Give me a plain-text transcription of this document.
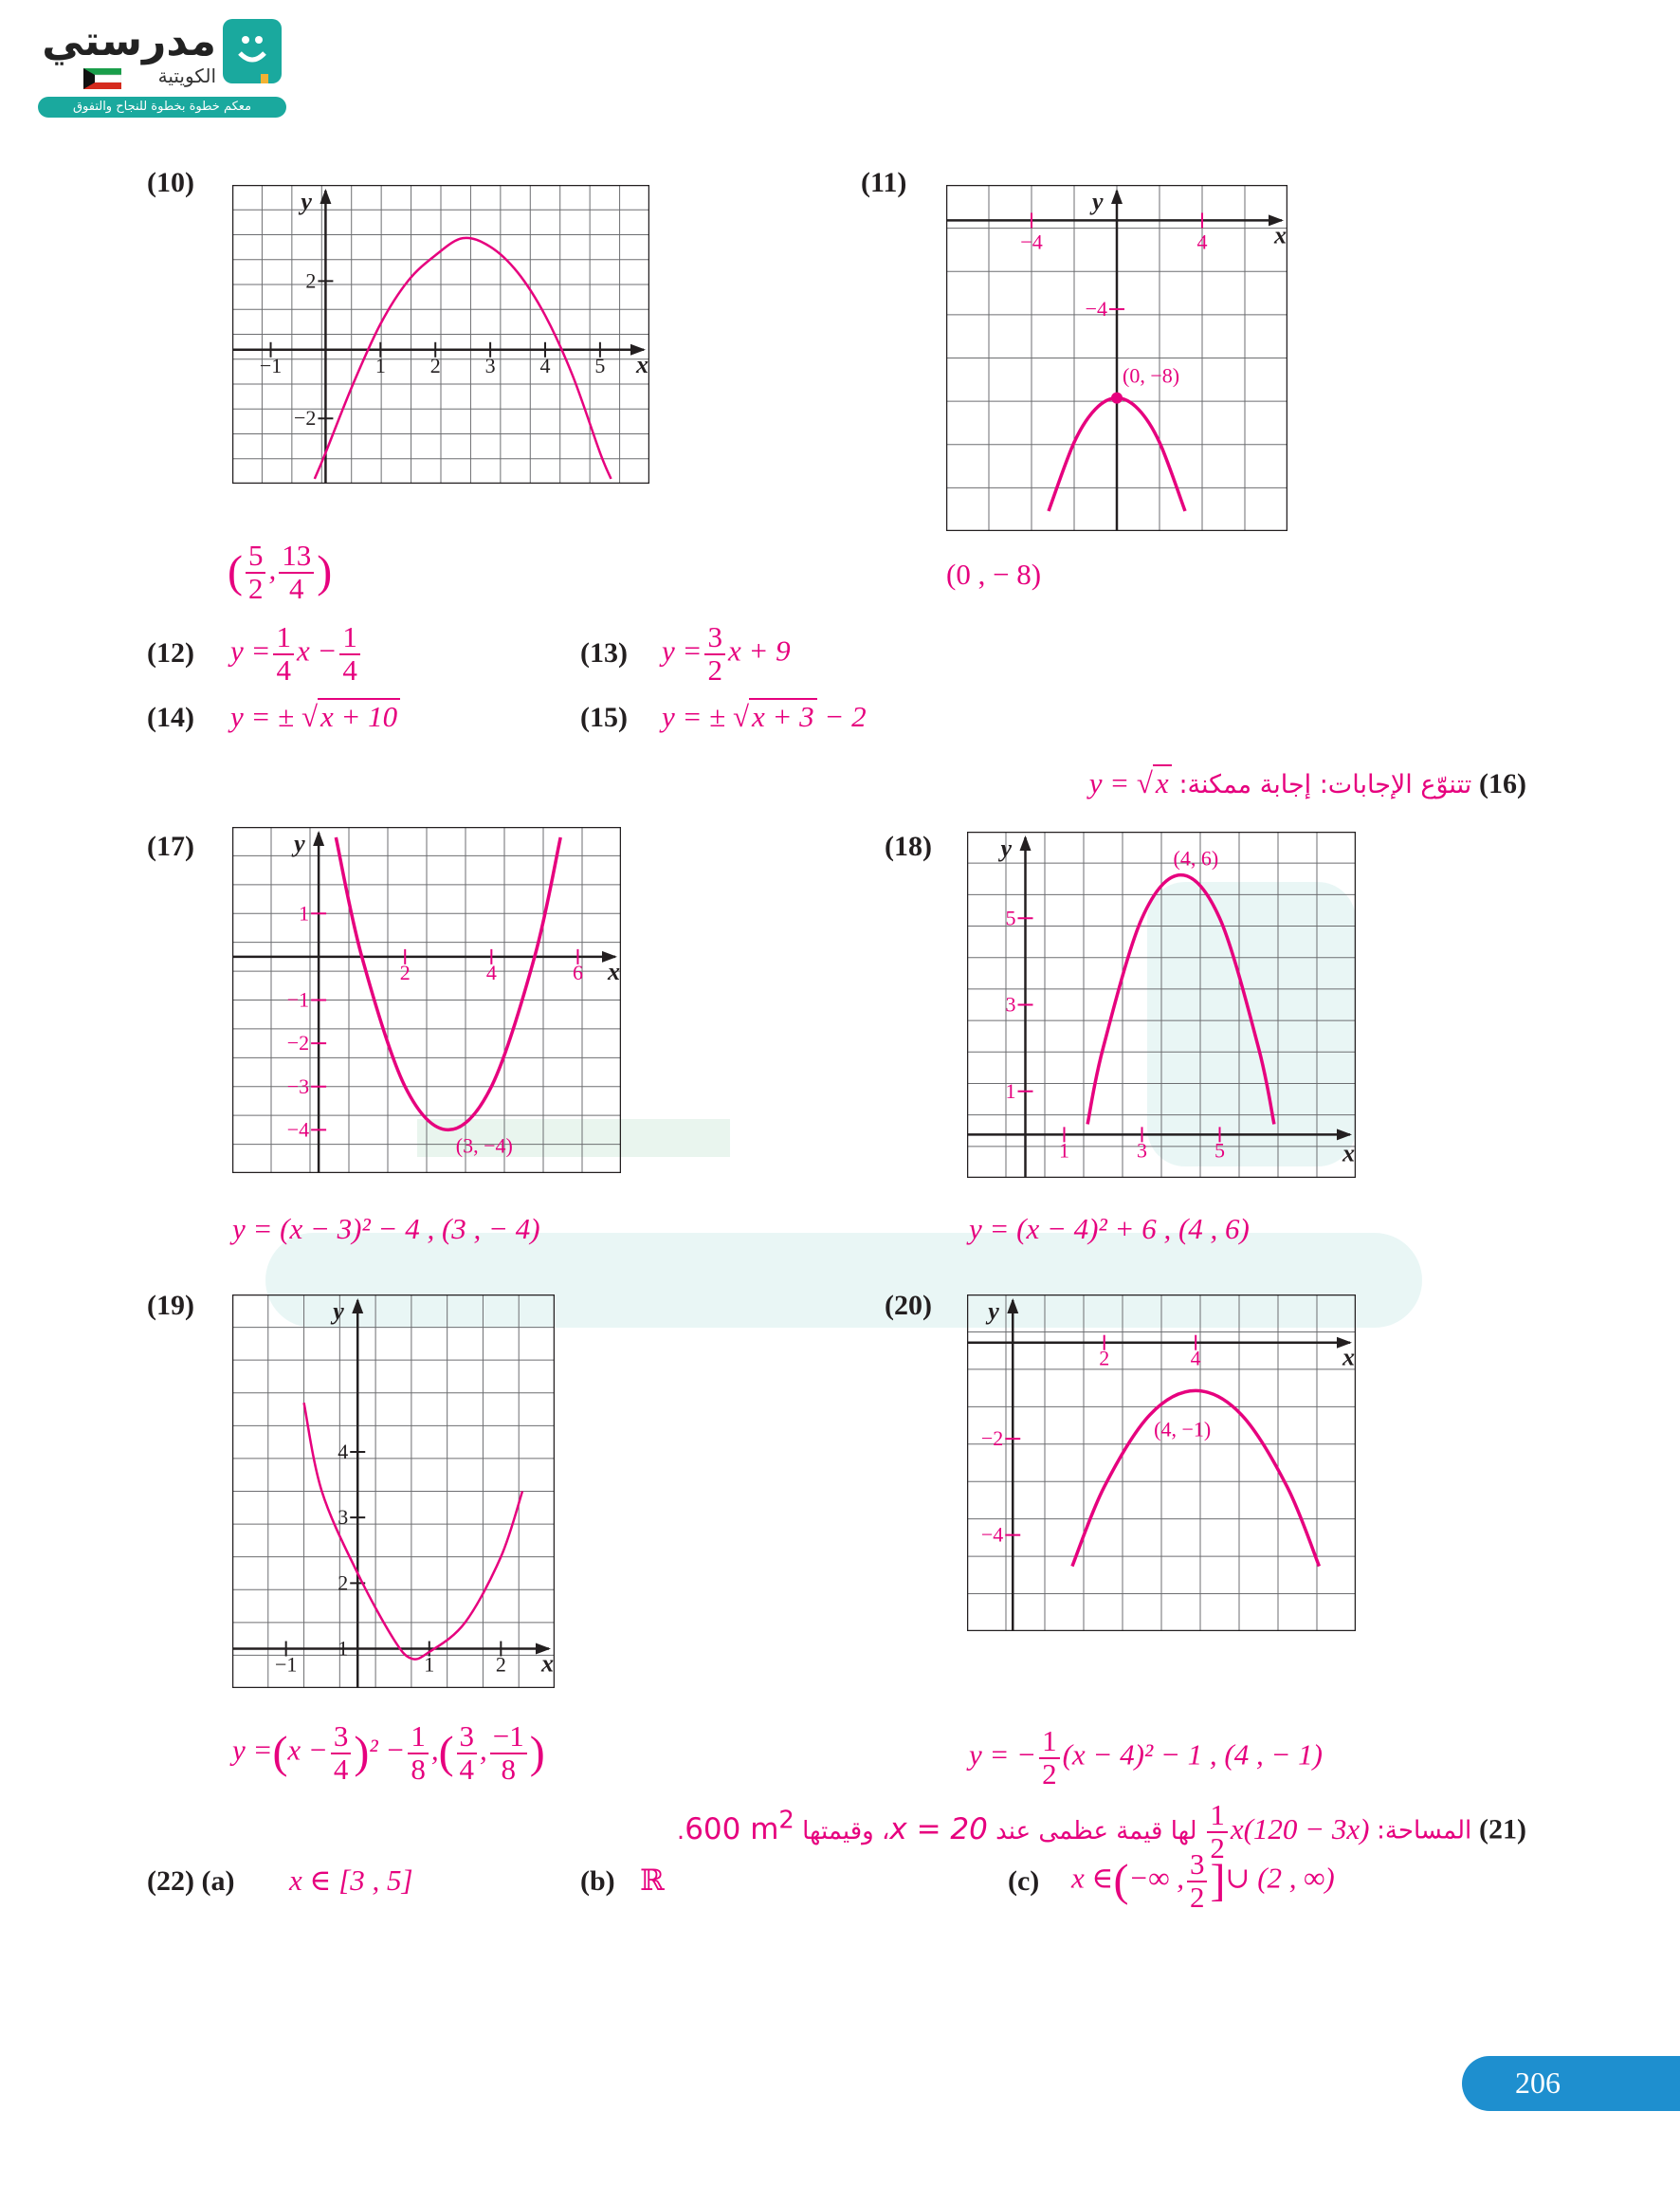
مدرستي
الكويتية
معكم خطوة بخطوة للنجاح والتفوق
(10)
x
y
−1	1 2 3 4 5
2
−2
( $\frac{5}{2}$ , $\frac{13}{4}$ )
(11)
x
y
−4	4
−4
(0, −8)
(0 , − 8)
(12) $y = \frac{1}{4}$ $x - \frac{1}{4}$	(13) $y = \frac{3}{2}$ x + 9
(14) y = ± √x + 10	(15) y = ± √x + 3 − 2
(16) تتنوّع الإجابات: إجابة ممكنة: y = √x
(17)
x
y
2	4	6
1
−1
−2
−3
−4
(3, −4)
y = (x − 3)² − 4 , (3 , − 4)
(18)
x
y
1	3	5
1
3
5
(4, 6)
y = (x − 4)² + 6 , (4 , 6)
(19)
x
y
−1	1	2
1
2
3
4
$y =(x - \frac{3}{4} )^2 - \frac{1}{8}$ ,( $\frac{3}{4}$ , $\frac{-1}{8}$ )
(20)
x
y
2	4
−2
−4
(4, −1)
y = − $\frac{1}{2} (x - 4)^2 - 1$ , (4 , − 1)
(21) المساحة:
$\frac{1}{2} x(120 - 3x)$ لها قيمة عظمى عند x = 20، وقيمتها 600 $m^2$.
(22) (a) x ∈ [3 , 5]	(b) ℝ	(c) x ∈(−∞ , $\frac{3}{2}$ ]∪ (2 , ∞)
206
